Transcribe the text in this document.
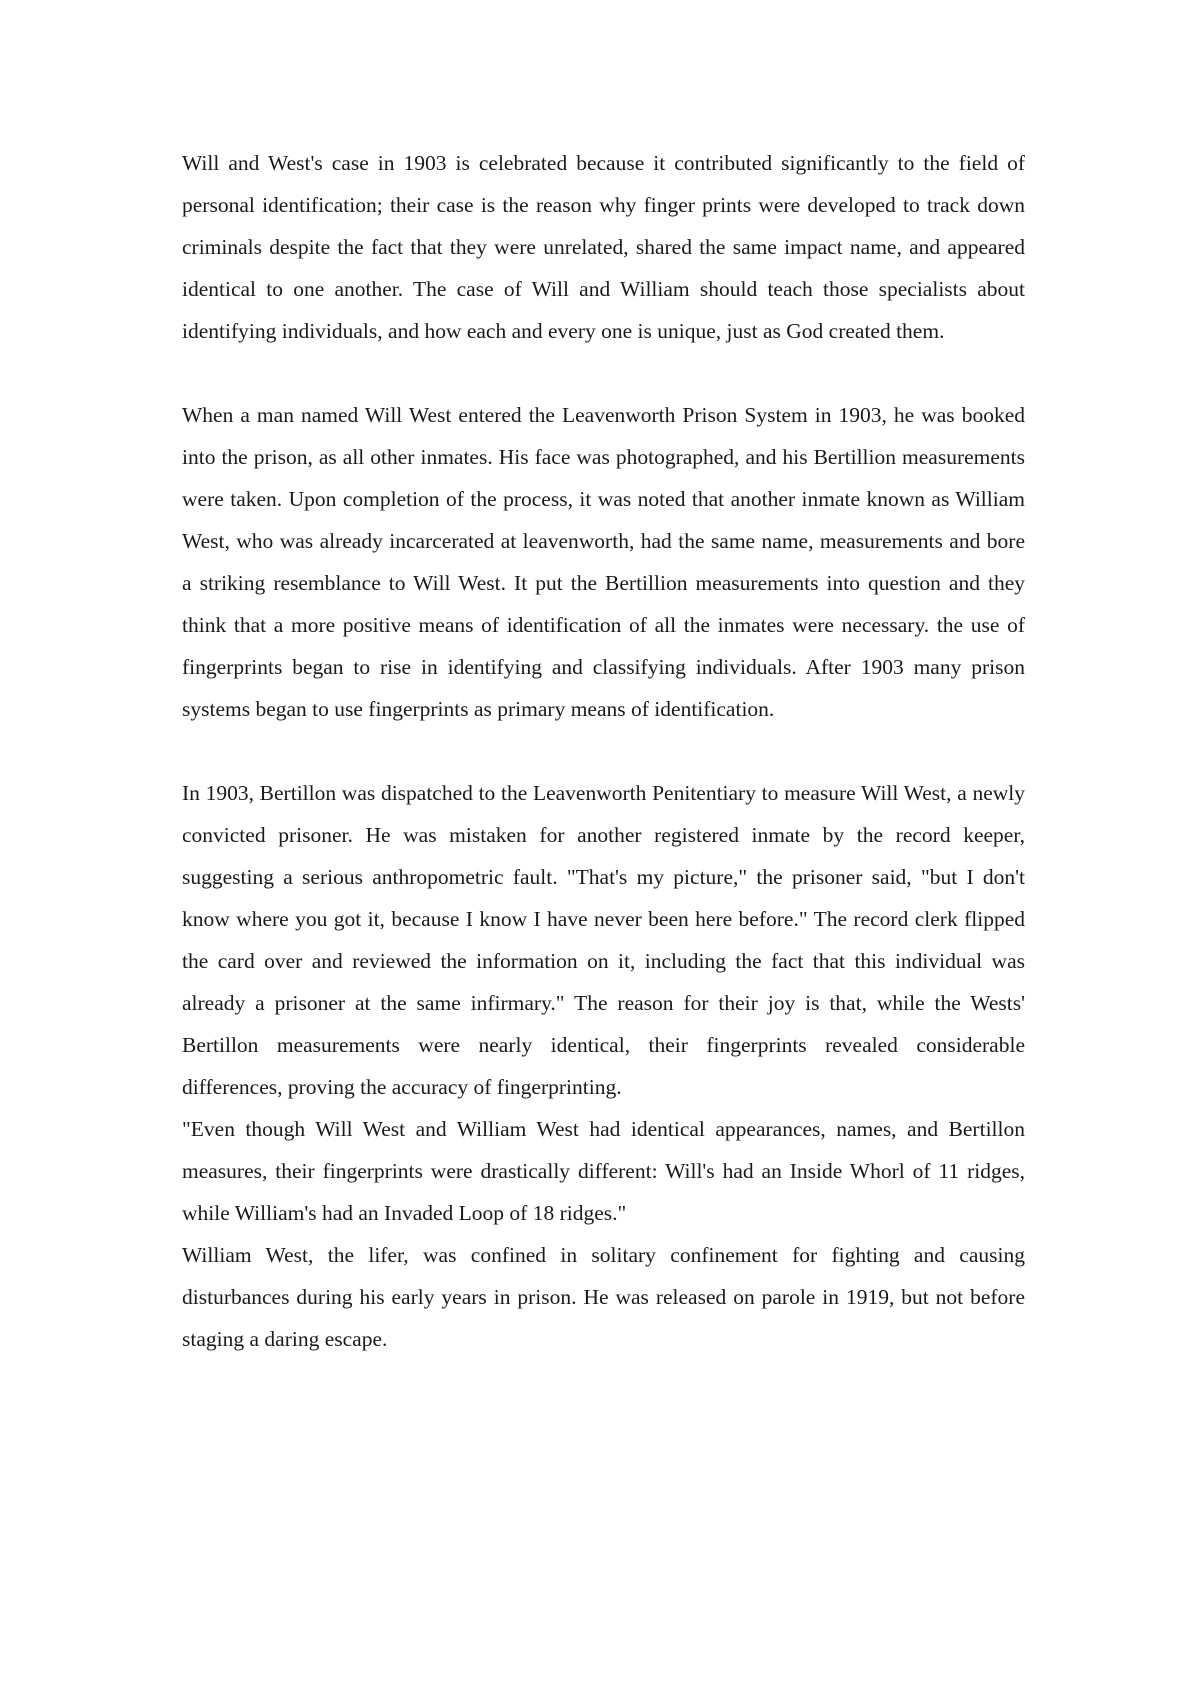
Will and West's case in 1903 is celebrated because it contributed significantly to the field of personal identification; their case is the reason why finger prints were developed to track down criminals despite the fact that they were unrelated, shared the same impact name, and appeared identical to one another. The case of Will and William should teach those specialists about identifying individuals, and how each and every one is unique, just as God created them.

When a man named Will West entered the Leavenworth Prison System in 1903, he was booked into the prison, as all other inmates. His face was photographed, and his Bertillion measurements were taken. Upon completion of the process, it was noted that another inmate known as William West, who was already incarcerated at leavenworth, had the same name, measurements and bore a striking resemblance to Will West. It put the Bertillion measurements into question and they think that a more positive means of identification of all the inmates were necessary. the use of fingerprints began to rise in identifying and classifying individuals. After 1903 many prison systems began to use fingerprints as primary means of identification.

In 1903, Bertillon was dispatched to the Leavenworth Penitentiary to measure Will West, a newly convicted prisoner. He was mistaken for another registered inmate by the record keeper, suggesting a serious anthropometric fault. "That's my picture," the prisoner said, "but I don't know where you got it, because I know I have never been here before." The record clerk flipped the card over and reviewed the information on it, including the fact that this individual was already a prisoner at the same infirmary." The reason for their joy is that, while the Wests' Bertillon measurements were nearly identical, their fingerprints revealed considerable differences, proving the accuracy of fingerprinting.

"Even though Will West and William West had identical appearances, names, and Bertillon measures, their fingerprints were drastically different: Will's had an Inside Whorl of 11 ridges, while William's had an Invaded Loop of 18 ridges."

William West, the lifer, was confined in solitary confinement for fighting and causing disturbances during his early years in prison. He was released on parole in 1919, but not before staging a daring escape.
